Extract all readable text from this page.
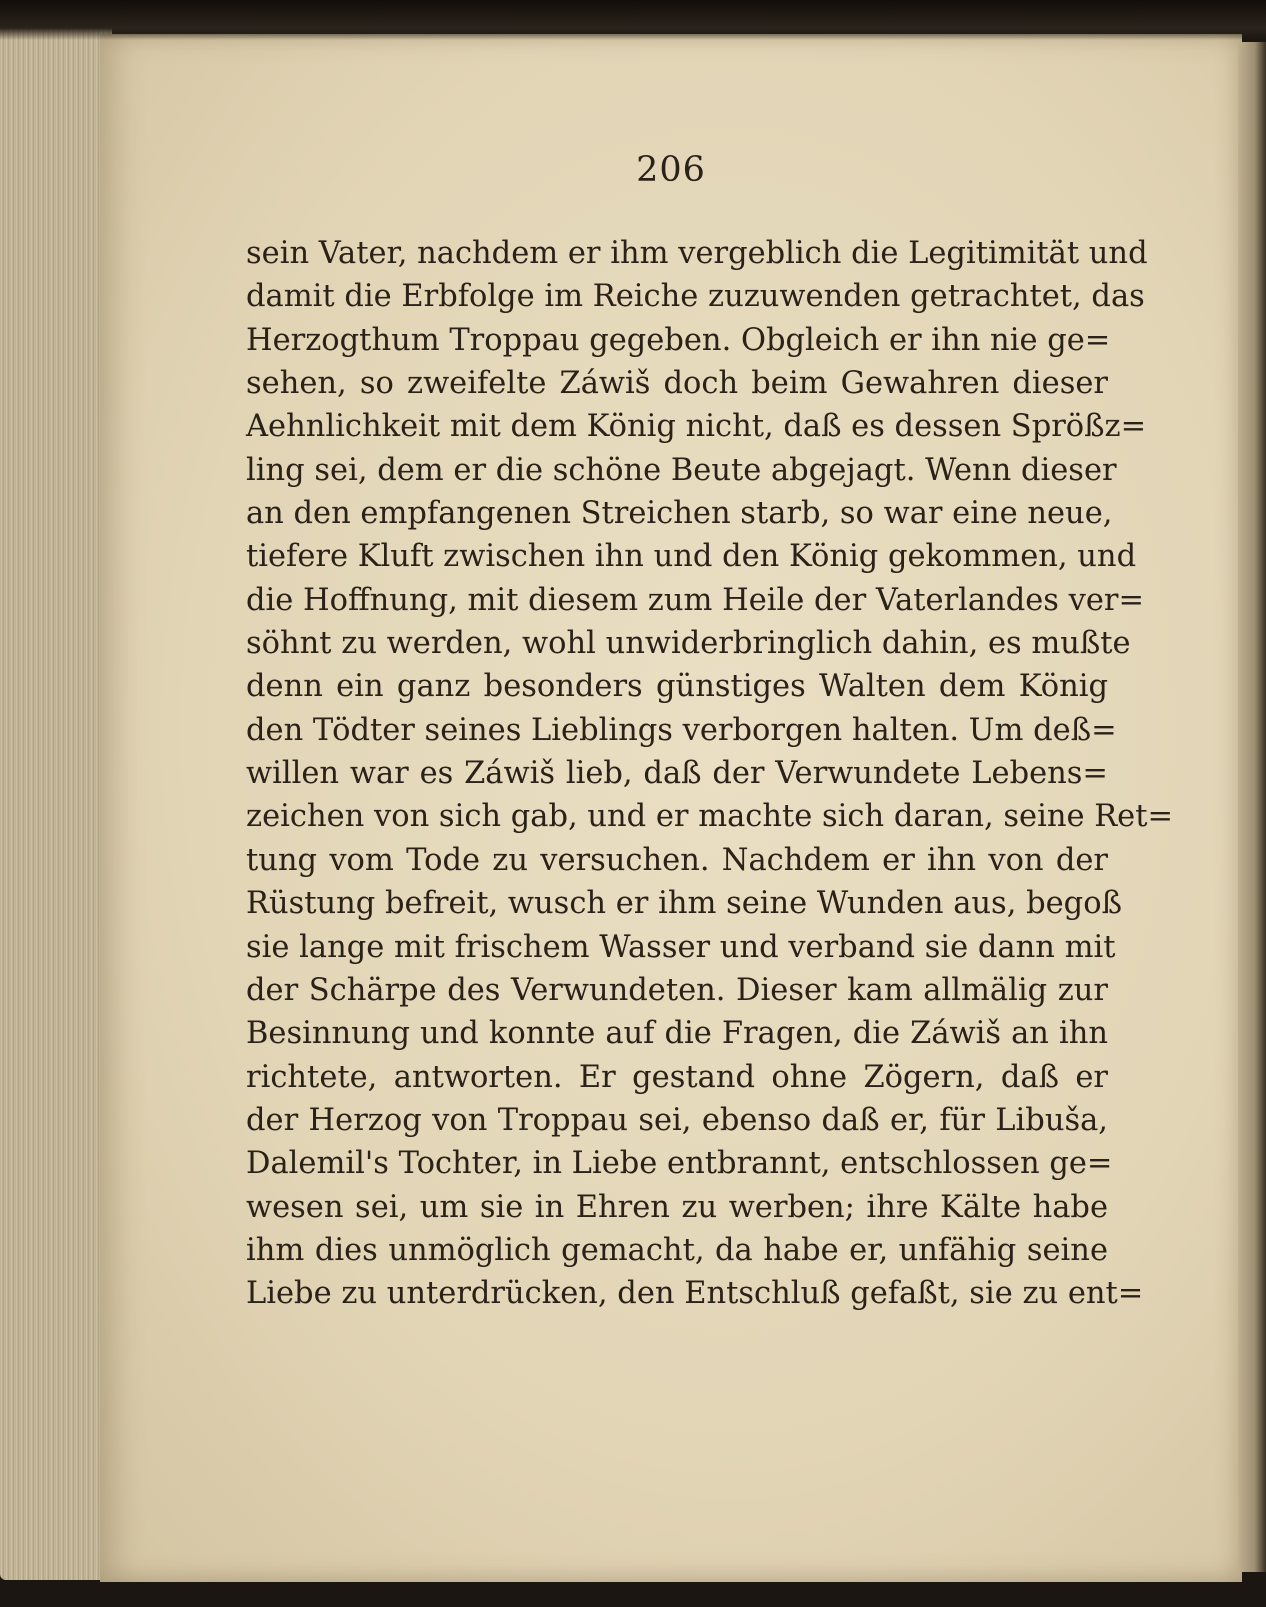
206
sein Vater, nachdem er ihm vergeblich die Legitimität und
damit die Erbfolge im Reiche zuzuwenden getrachtet, das
Herzogthum Troppau gegeben. Obgleich er ihn nie ge=
sehen, so zweifelte Záwiš doch beim Gewahren dieser
Aehnlichkeit mit dem König nicht, daß es dessen Sprößz=
ling sei, dem er die schöne Beute abgejagt. Wenn dieser
an den empfangenen Streichen starb, so war eine neue,
tiefere Kluft zwischen ihn und den König gekommen, und
die Hoffnung, mit diesem zum Heile der Vaterlandes ver=
söhnt zu werden, wohl unwiderbringlich dahin, es mußte
denn ein ganz besonders günstiges Walten dem König
den Tödter seines Lieblings verborgen halten. Um deß=
willen war es Záwiš lieb, daß der Verwundete Lebens=
zeichen von sich gab, und er machte sich daran, seine Ret=
tung vom Tode zu versuchen. Nachdem er ihn von der
Rüstung befreit, wusch er ihm seine Wunden aus, begoß
sie lange mit frischem Wasser und verband sie dann mit
der Schärpe des Verwundeten. Dieser kam allmälig zur
Besinnung und konnte auf die Fragen, die Záwiš an ihn
richtete, antworten. Er gestand ohne Zögern, daß er
der Herzog von Troppau sei, ebenso daß er, für Libuša,
Dalemil's Tochter, in Liebe entbrannt, entschlossen ge=
wesen sei, um sie in Ehren zu werben; ihre Kälte habe
ihm dies unmöglich gemacht, da habe er, unfähig seine
Liebe zu unterdrücken, den Entschluß gefaßt, sie zu ent=
